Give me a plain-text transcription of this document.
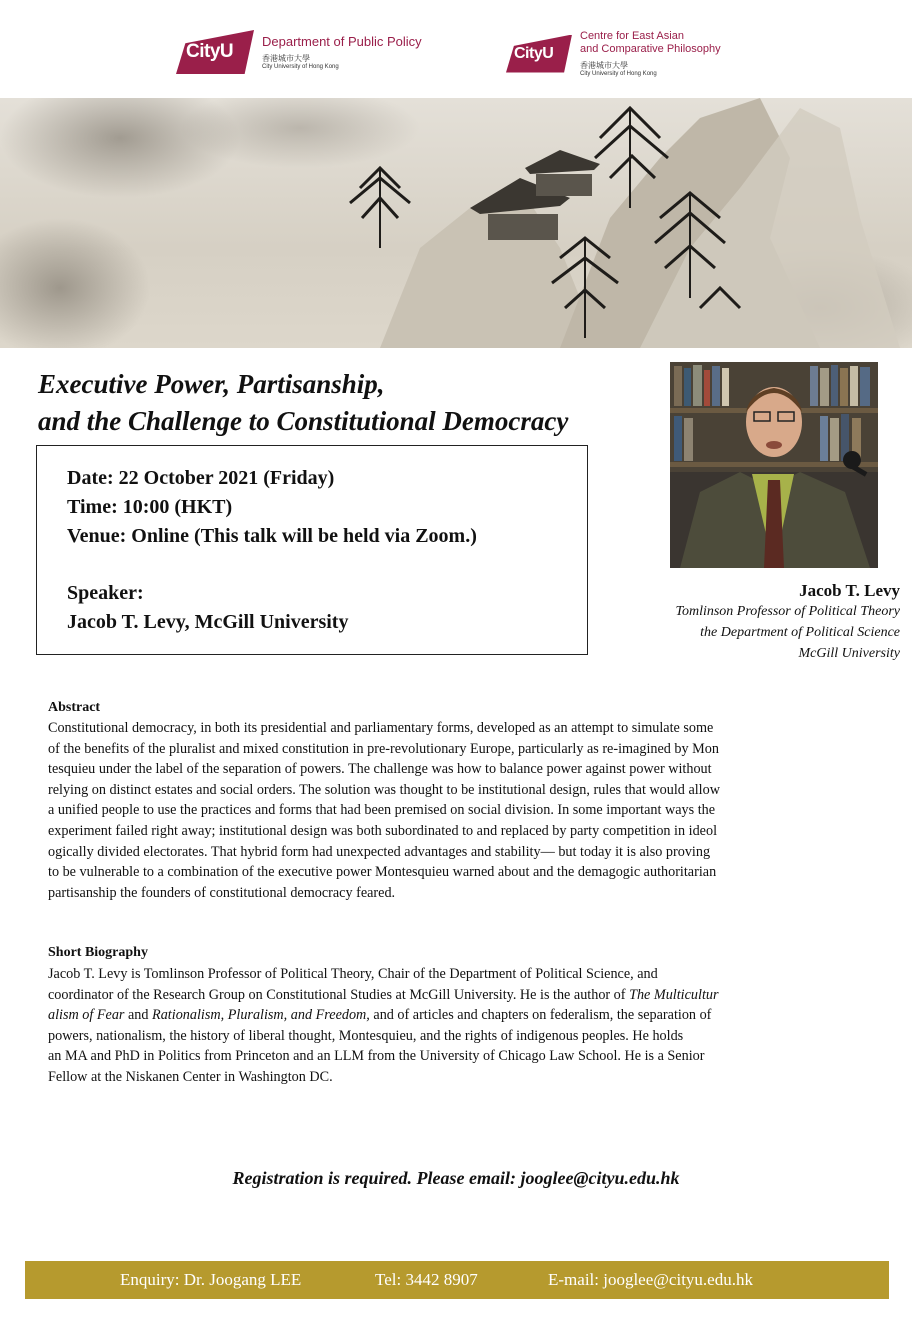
CityU Department of Public Policy
香港城市大學
City University of Hong Kong
CityU
Centre for East Asian
and Comparative Philosophy
香港城市大學
City University of Hong Kong
Executive Power, Partisanship,
and the Challenge to Constitutional Democracy
Date: 22 October 2021 (Friday)
Time: 10:00 (HKT)
Venue: Online (This talk will be held via Zoom.)
Speaker:
Jacob T. Levy, McGill University
Jacob T. Levy
Tomlinson Professor of Political Theory
the Department of Political Science
McGill University
Abstract
Constitutional democracy, in both its presidential and parliamentary forms, developed as an attempt to simulate some
of the benefits of the pluralist and mixed constitution in pre-revolutionary Europe, particularly as re-imagined by Mon
tesquieu under the label of the separation of powers. The challenge was how to balance power against power without
relying on distinct estates and social orders. The solution was thought to be institutional design, rules that would allow
a unified people to use the practices and forms that had been premised on social division. In some important ways the
experiment failed right away; institutional design was both subordinated to and replaced by party competition in ideol
ogically divided electorates. That hybrid form had unexpected advantages and stability— but today it is also proving
to be vulnerable to a combination of the executive power Montesquieu warned about and the demagogic authoritarian
partisanship the founders of constitutional democracy feared.
Short Biography
Jacob T. Levy is Tomlinson Professor of Political Theory, Chair of the Department of Political Science, and
coordinator of the Research Group on Constitutional Studies at McGill University. He is the author of The Multicultur
alism of Fear and Rationalism, Pluralism, and Freedom, and of articles and chapters on federalism, the separation of
powers, nationalism, the history of liberal thought, Montesquieu, and the rights of indigenous peoples. He holds
an MA and PhD in Politics from Princeton and an LLM from the University of Chicago Law School. He is a Senior
Fellow at the Niskanen Center in Washington DC.
Registration is required. Please email: jooglee@cityu.edu.hk
Enquiry: Dr. Joogang LEE	Tel: 3442 8907	E-mail: jooglee@cityu.edu.hk
